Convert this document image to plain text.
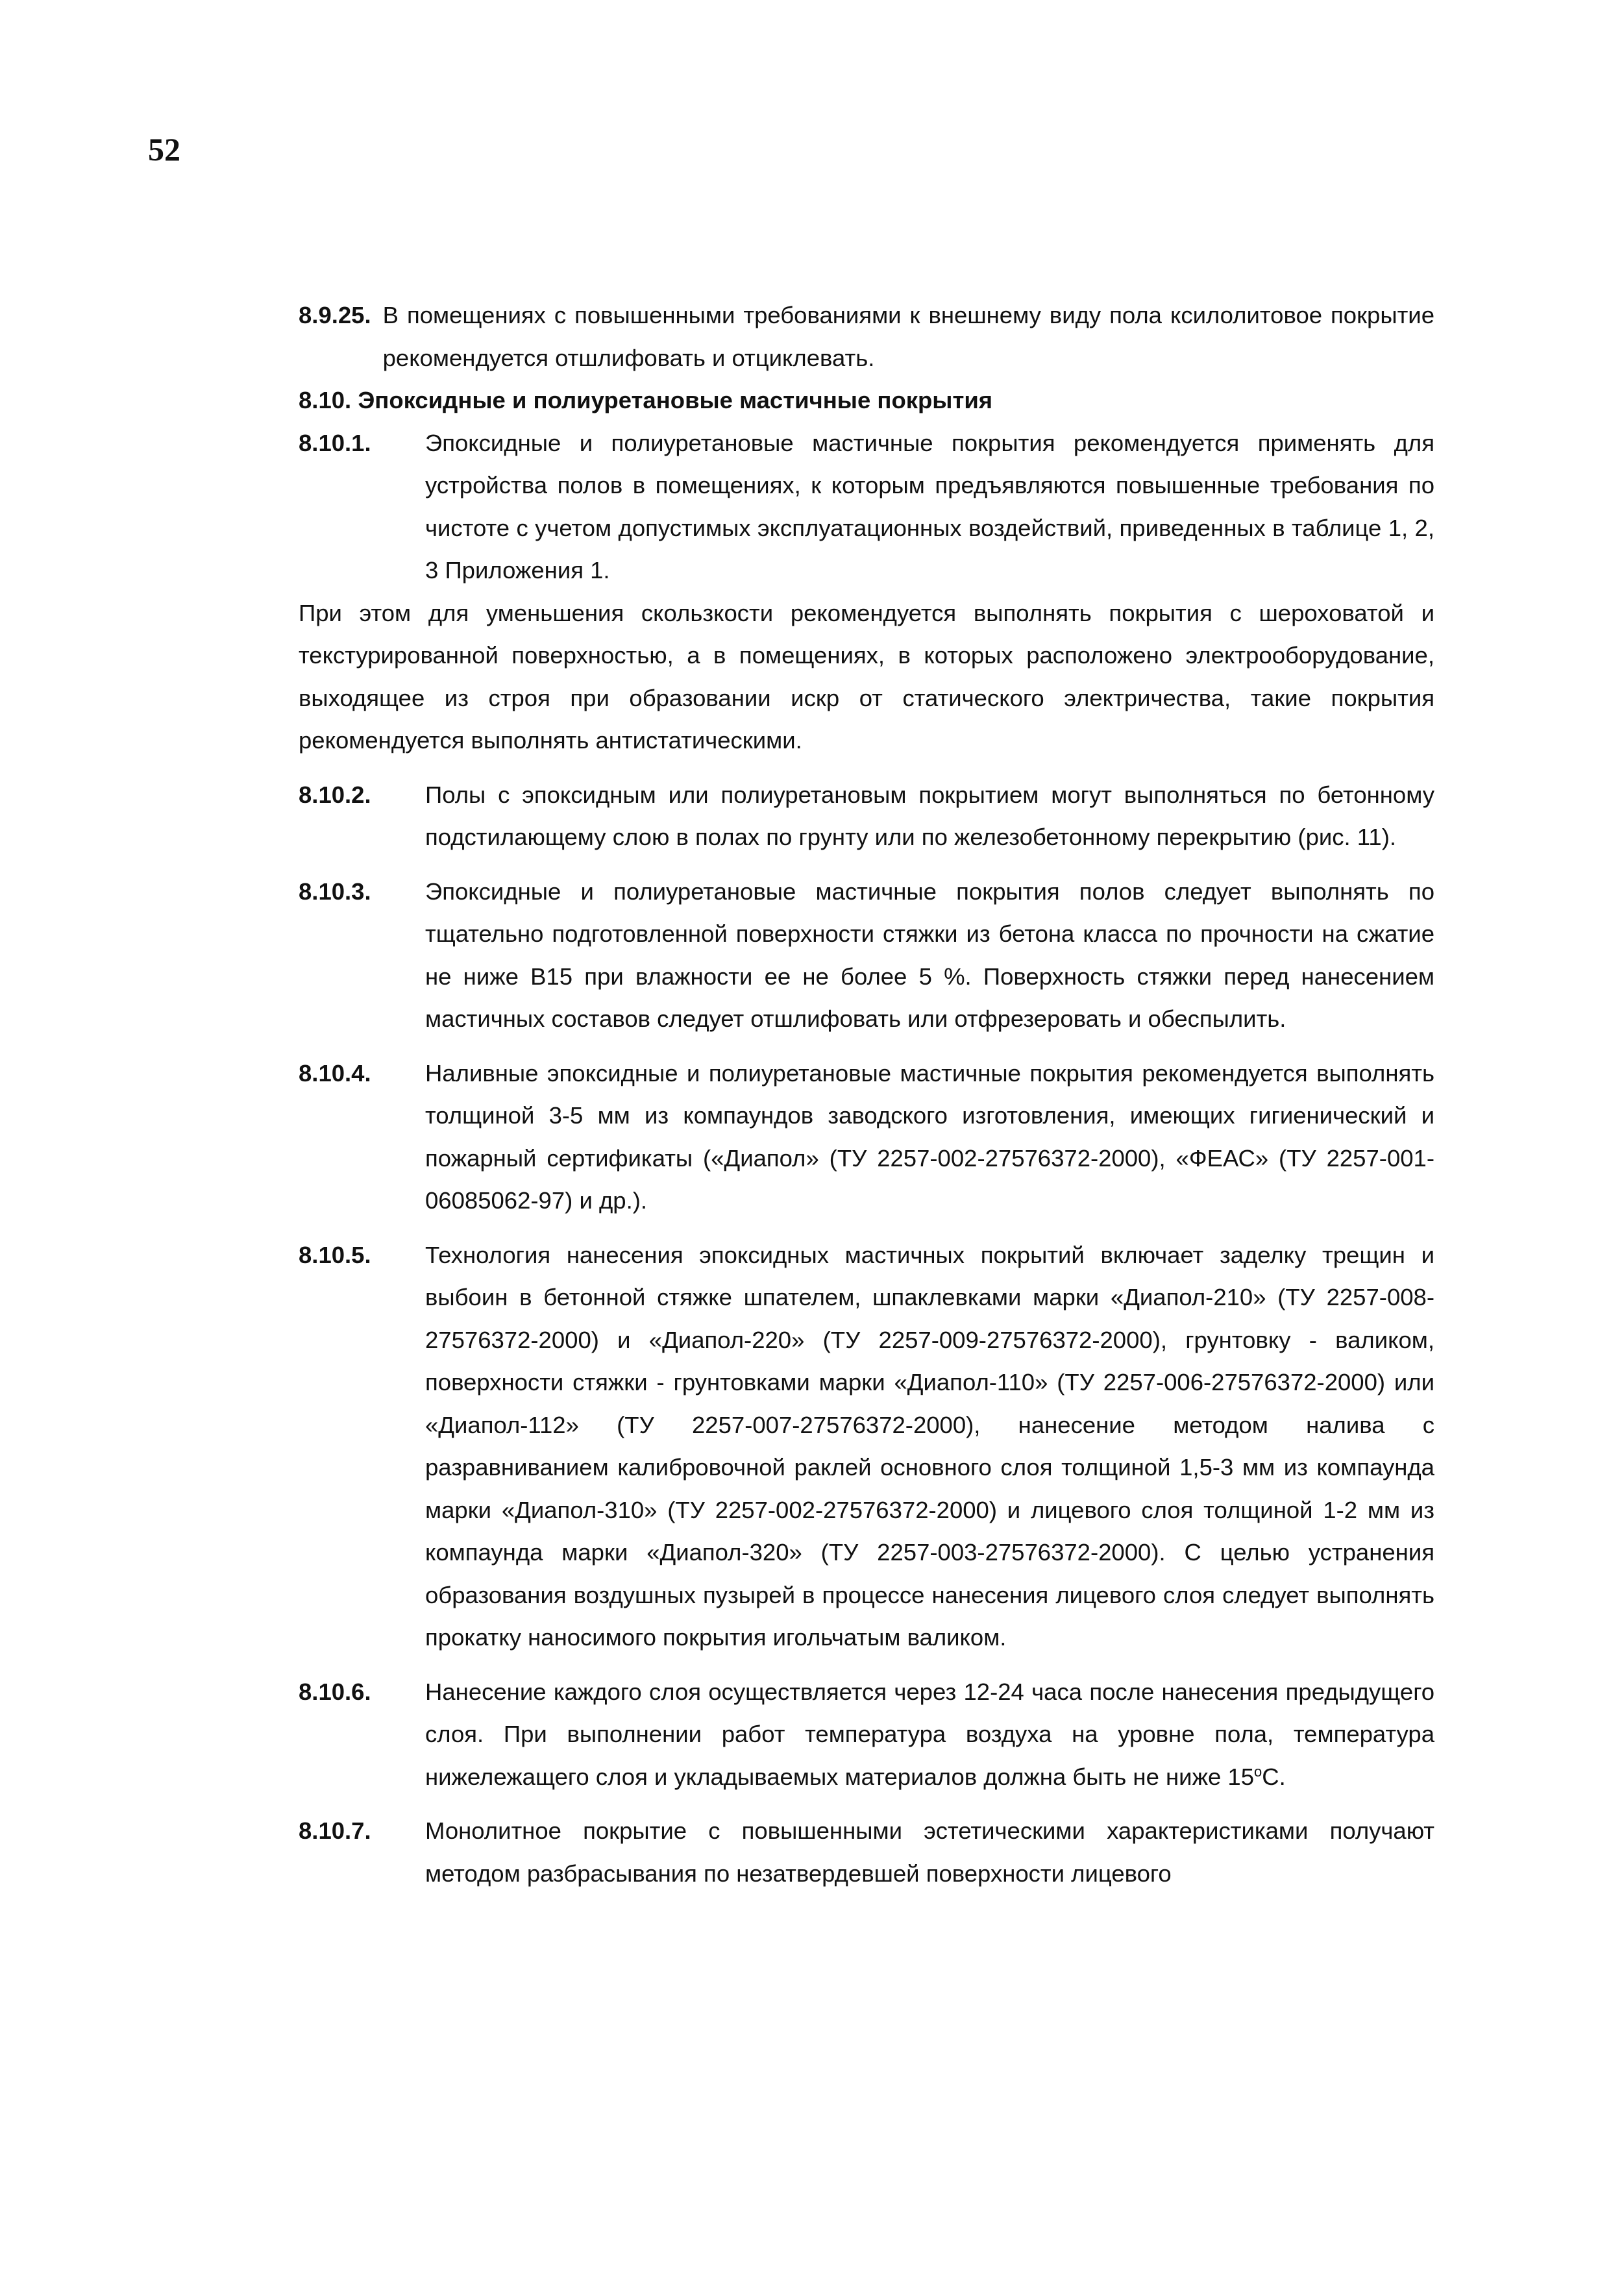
52
8.9.25. В помещениях с повышенными требованиями к внешнему виду пола ксилолитовое покрытие рекомендуется отшлифовать и отциклевать.

8.10. Эпоксидные и полиуретановые мастичные покрытия

8.10.1.	Эпоксидные и полиуретановые мастичные покрытия рекомендуется применять для устройства полов в помещениях, к которым предъявляются повышенные требования по чистоте с учетом допустимых эксплуатационных воздействий, приведенных в таблице 1, 2, 3 Приложения 1.

При этом для уменьшения скользкости рекомендуется выполнять покрытия с шероховатой и текстурированной поверхностью, а в помещениях, в которых расположено электрооборудование, выходящее из строя при образовании искр от статического электричества, такие покрытия рекомендуется выполнять антистатическими.

8.10.2.	Полы с эпоксидным или полиуретановым покрытием могут выполняться по бетонному подстилающему слою в полах по грунту или по железобетонному перекрытию (рис. 11).
8.10.3.	Эпоксидные и полиуретановые мастичные покрытия полов следует выполнять по тщательно подготовленной поверхности стяжки из бетона класса по прочности на сжатие не ниже В15 при влажности ее не более 5 %. Поверхность стяжки перед нанесением мастичных составов следует отшлифовать или отфрезеровать и обеспылить.
8.10.4.	Наливные эпоксидные и полиуретановые мастичные покрытия рекомендуется выполнять толщиной 3-5 мм из компаундов заводского изготовления, имеющих гигиенический и пожарный сертификаты («Диапол» (ТУ 2257-002-27576372-2000), «ФЕАС» (ТУ 2257-001-06085062-97) и др.).
8.10.5.	Технология нанесения эпоксидных мастичных покрытий включает заделку трещин и выбоин в бетонной стяжке шпателем, шпаклевками марки «Диапол-210» (ТУ 2257-008-27576372-2000) и «Диапол-220» (ТУ 2257-009-27576372-2000), грунтовку - валиком, поверхности стяжки - грунтовками марки «Диапол-110» (ТУ 2257-006-27576372-2000) или «Диапол-112» (ТУ 2257-007-27576372-2000), нанесение методом налива с разравниванием калибровочной раклей основного слоя толщиной 1,5-3 мм из компаунда марки «Диапол-310» (ТУ 2257-002-27576372-2000) и лицевого слоя толщиной 1-2 мм из компаунда марки «Диапол-320» (ТУ 2257-003-27576372-2000). С целью устранения образования воздушных пузырей в процессе нанесения лицевого слоя следует выполнять прокатку наносимого покрытия игольчатым валиком.
8.10.6.	Нанесение каждого слоя осуществляется через 12-24 часа после нанесения предыдущего слоя. При выполнении работ температура воздуха на уровне пола, температура нижележащего слоя и укладываемых материалов должна быть не ниже 15$^o$С.
8.10.7.	Монолитное покрытие с повышенными эстетическими характеристиками получают методом разбрасывания по незатвердевшей поверхности лицевого
